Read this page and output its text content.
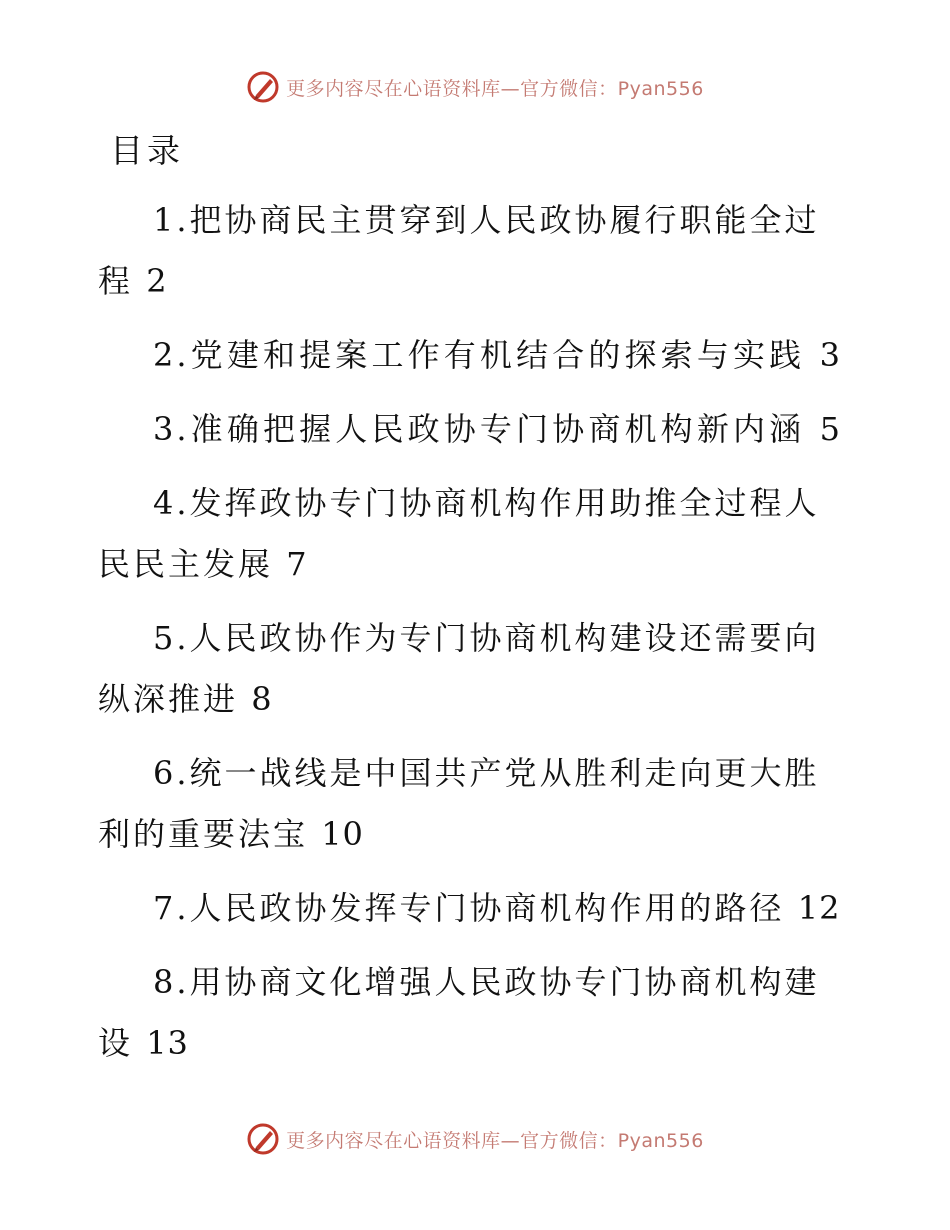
更多内容尽在心语资料库—官方微信：Pyan556
目录
1.把协商民主贯穿到人民政协履行职能全过程 2
2.党建和提案工作有机结合的探索与实践 3
3.准确把握人民政协专门协商机构新内涵 5
4.发挥政协专门协商机构作用助推全过程人民民主发展 7
5.人民政协作为专门协商机构建设还需要向纵深推进 8
6.统一战线是中国共产党从胜利走向更大胜利的重要法宝 10
7.人民政协发挥专门协商机构作用的路径 12
8.用协商文化增强人民政协专门协商机构建设 13
更多内容尽在心语资料库—官方微信：Pyan556
